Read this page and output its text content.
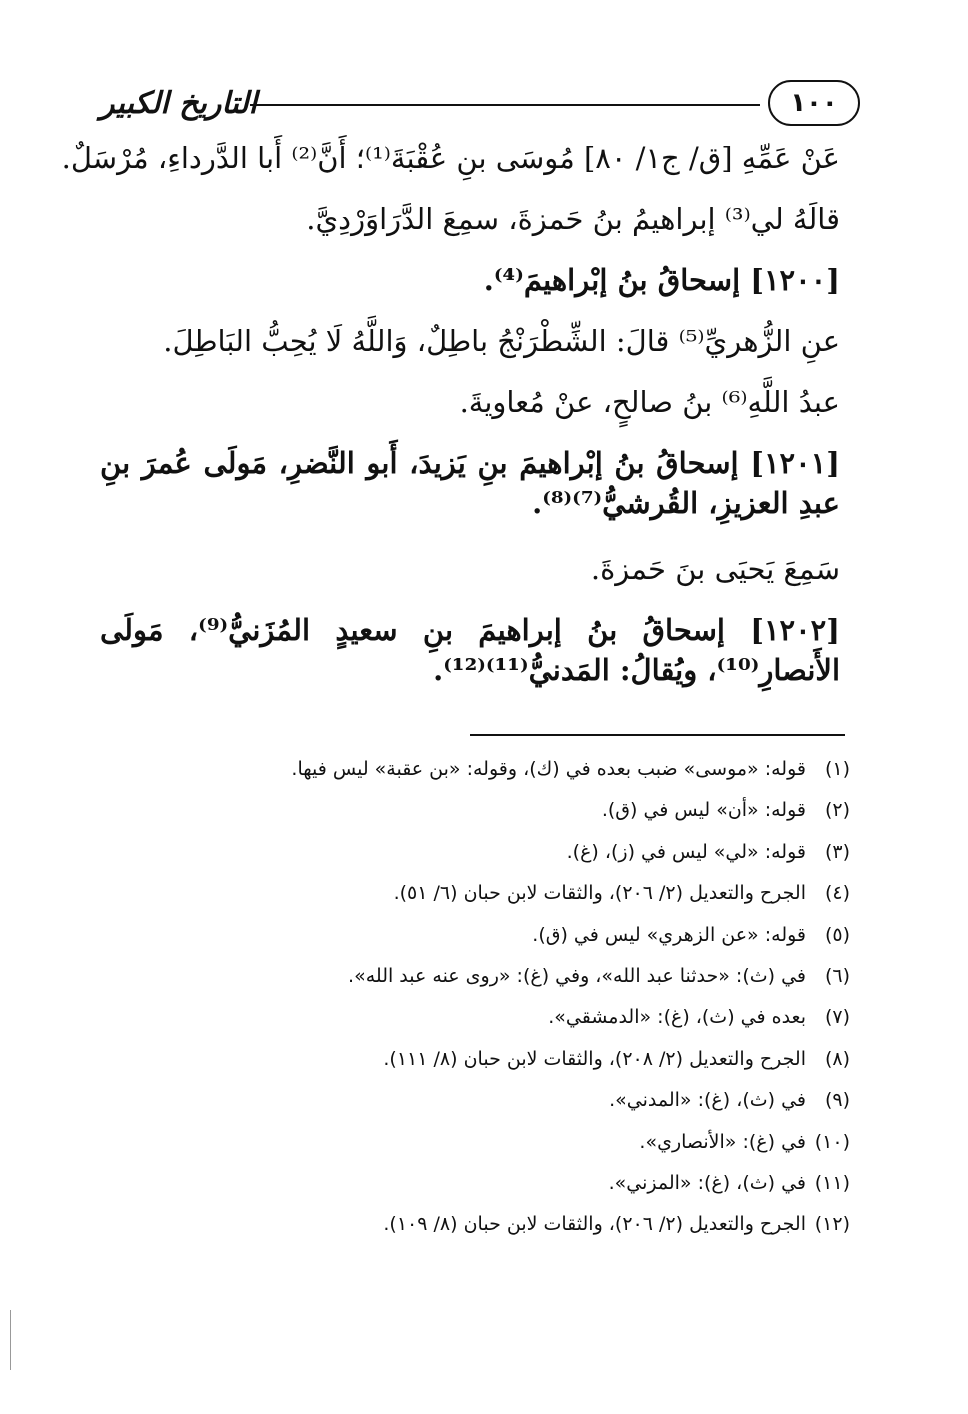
التاريخ الكبير	١٠٠
عَنْ عَمِّهِ [ق/ ج١/ ٨٠] مُوسَى بنِ عُقْبَةَ⁽¹⁾؛ أَنَّ⁽²⁾ أَبا الدَّرداءِ، مُرْسَلٌ.
قالَهُ لي⁽³⁾ إبراهيمُ بنُ حَمزةَ، سمِعَ الدَّرَاوَرْدِيَّ.
[١٢٠٠] إسحاقُ بنُ إبْراهيمَ⁽⁴⁾.
عنِ الزُّهريِّ⁽⁵⁾ قالَ: الشِّطْرَنْجُ باطِلٌ، وَاللَّهُ لَا يُحِبُّ البَاطِلَ.
عبدُ اللَّهِ⁽⁶⁾ بنُ صالحٍ، عنْ مُعاويةَ.
[١٢٠١] إسحاقُ بنُ إبْراهيمَ بنِ يَزيدَ، أَبو النَّضرِ، مَولَى عُمرَ بنِ عبدِ العزيزِ، القُرشيُّ⁽⁷⁾⁽⁸⁾.
سَمِعَ يَحيَى بنَ حَمزةَ.
[١٢٠٢] إسحاقُ بنُ إبراهيمَ بنِ سعيدٍ المُزَنيُّ⁽⁹⁾، مَولَى الأَنصارِ⁽¹⁰⁾، ويُقالُ: المَدنيُّ⁽¹¹⁾⁽¹²⁾.
(١)
قوله: «موسى» ضبب بعده في (ك)، وقوله: «بن عقبة» ليس فيها.
(٢)
قوله: «أن» ليس في (ق).
(٣)
قوله: «لي» ليس في (ز)، (غ).
(٤)
الجرح والتعديل (٢/ ٢٠٦)، والثقات لابن حبان (٦/ ٥١).
(٥)
قوله: «عن الزهري» ليس في (ق).
(٦)
في (ث): «حدثنا عبد الله»، وفي (غ): «روى عنه عبد الله».
(٧)
بعده في (ث)، (غ): «الدمشقي».
(٨)
الجرح والتعديل (٢/ ٢٠٨)، والثقات لابن حبان (٨/ ١١١).
(٩)
في (ث)، (غ): «المدني».
(١٠)
في (غ): «الأنصاري».
(١١)
في (ث)، (غ): «المزني».
(١٢)
الجرح والتعديل (٢/ ٢٠٦)، والثقات لابن حبان (٨/ ١٠٩).
